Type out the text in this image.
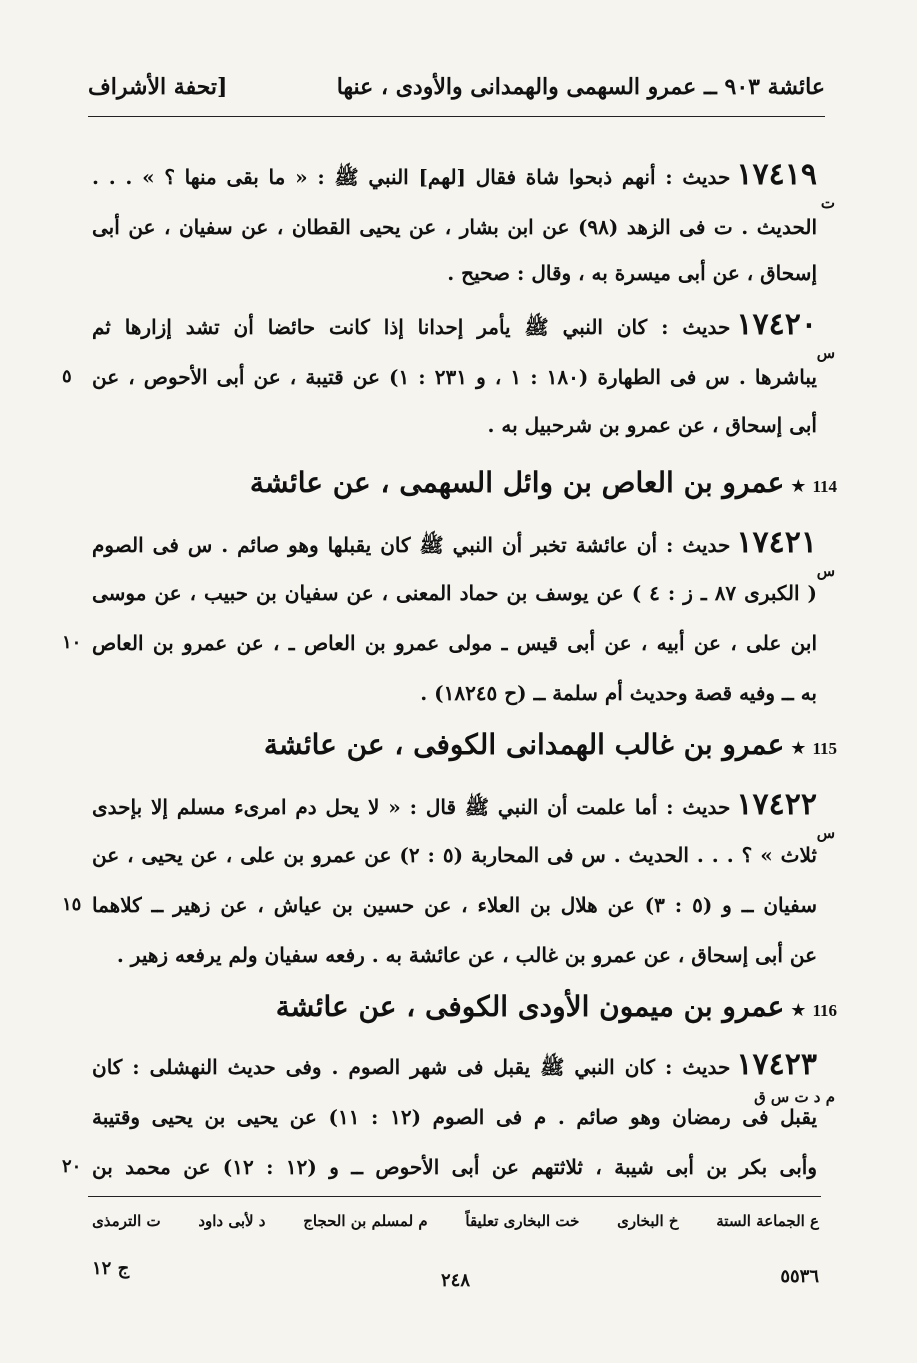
عائشة ٩٠٣ ــ عمرو السهمى والهمدانى والأودى ، عنها
[تحفة الأشراف
١٧٤١٩حديث : أنهم ذبحوا شاة فقال [لهم] النبي ﷺ : « ما بقى منها ؟ » . . .
ت
الحديث . ت فى الزهد (٩٨) عن ابن بشار ، عن يحيى القطان ، عن سفيان ، عن أبى
إسحاق ، عن أبى ميسرة به ، وقال : صحيح .
١٧٤٢٠حديث : كان النبي ﷺ يأمر إحدانا إذا كانت حائضا أن تشد إزارها ثم
س
يباشرها . س فى الطهارة (١٨٠ : ١ ، و ٢٣١ : ١) عن قتيبة ، عن أبى الأحوص ، عن
٥
أبى إسحاق ، عن عمرو بن شرحبيل به .
114★عمرو بن العاص بن وائل السهمى ، عن عائشة
١٧٤٢١حديث : أن عائشة تخبر أن النبي ﷺ كان يقبلها وهو صائم . س فى الصوم
س
( الكبرى ٨٧ ـ ز : ٤ ) عن يوسف بن حماد المعنى ، عن سفيان بن حبيب ، عن موسى
ابن على ، عن أبيه ، عن أبى قيس ـ مولى عمرو بن العاص ـ ، عن عمرو بن العاص
١٠
به ــ وفيه قصة وحديث أم سلمة ــ (ح ١٨٢٤٥) .
115★عمرو بن غالب الهمدانى الكوفى ، عن عائشة
١٧٤٢٢حديث : أما علمت أن النبي ﷺ قال : « لا يحل دم امرىء مسلم إلا بإحدى
س
ثلاث » ؟ . . . الحديث . س فى المحاربة (٥ : ٢) عن عمرو بن على ، عن يحيى ، عن
سفيان ــ و (٥ : ٣) عن هلال بن العلاء ، عن حسين بن عياش ، عن زهير ــ كلاهما
١٥
عن أبى إسحاق ، عن عمرو بن غالب ، عن عائشة به . رفعه سفيان ولم يرفعه زهير .
116★عمرو بن ميمون الأودى الكوفى ، عن عائشة
١٧٤٢٣حديث : كان النبي ﷺ يقبل فى شهر الصوم . وفى حديث النهشلى : كان
م د ت س ق
يقبل فى رمضان وهو صائم . م فى الصوم (١٢ : ١١) عن يحيى بن يحيى وقتيبة
وأبى بكر بن أبى شيبة ، ثلاثتهم عن أبى الأحوص ــ و (١٢ : ١٢) عن محمد بن
٢٠
ع الجماعة الستة
خ البخارى
خت البخارى تعليقاً
م لمسلم بن الحجاج
د لأبى داود
ت الترمذى
٥٥٣٦
٢٤٨
ج ١٢
